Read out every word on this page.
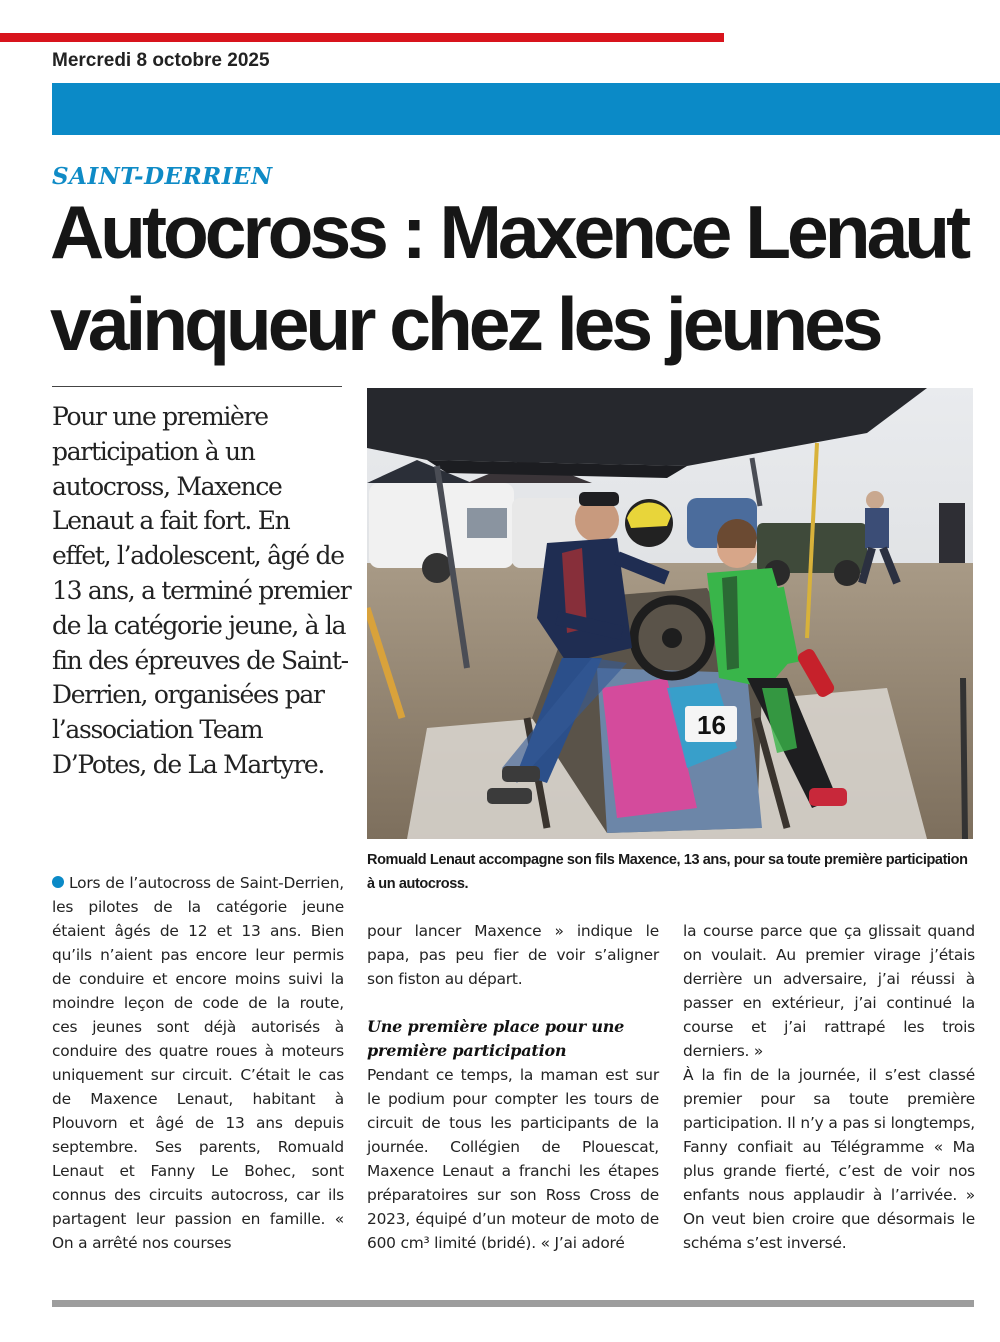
Mercredi 8 octobre 2025
SAINT-DERRIEN
Autocross : Maxence Lenaut vainqueur chez les jeunes

Pour une première participation à un autocross, Maxence Lenaut a fait fort. En effet, l’adolescent, âgé de 13 ans, a terminé premier de la catégorie jeune, à la fin des épreuves de Saint-Derrien, organisées par l’association Team D’Potes, de La Martyre.

16

Romuald Lenaut accompagne son fils Maxence, 13 ans, pour sa toute première participation à un autocross.

Lors de l’autocross de Saint-Derrien, les pilotes de la catégorie jeune étaient âgés de 12 et 13 ans. Bien qu’ils n’aient pas encore leur permis de conduire et encore moins suivi la moindre leçon de code de la route, ces jeunes sont déjà autorisés à conduire des quatre roues à moteurs uniquement sur circuit. C’était le cas de Maxence Lenaut, habitant à Plouvorn et âgé de 13 ans depuis septembre. Ses parents, Romuald Lenaut et Fanny Le Bohec, sont connus des circuits autocross, car ils partagent leur passion en famille. « On a arrêté nos courses

pour lancer Maxence » indique le papa, pas peu fier de voir s’aligner son fiston au départ.

Une première place pour une première participation

Pendant ce temps, la maman est sur le podium pour compter les tours de circuit de tous les participants de la journée. Collégien de Plouescat, Maxence Lenaut a franchi les étapes préparatoires sur son Ross Cross de 2023, équipé d’un moteur de moto de 600 cm³ limité (bridé). « J’ai adoré

la course parce que ça glissait quand on voulait. Au premier virage j’étais derrière un adversaire, j’ai réussi à passer en extérieur, j’ai continué la course et j’ai rattrapé les trois derniers. »

À la fin de la journée, il s’est classé premier pour sa toute première participation. Il n’y a pas si longtemps, Fanny confiait au Télégramme « Ma plus grande fierté, c’est de voir nos enfants nous applaudir à l’arrivée. » On veut bien croire que désormais le schéma s’est inversé.
